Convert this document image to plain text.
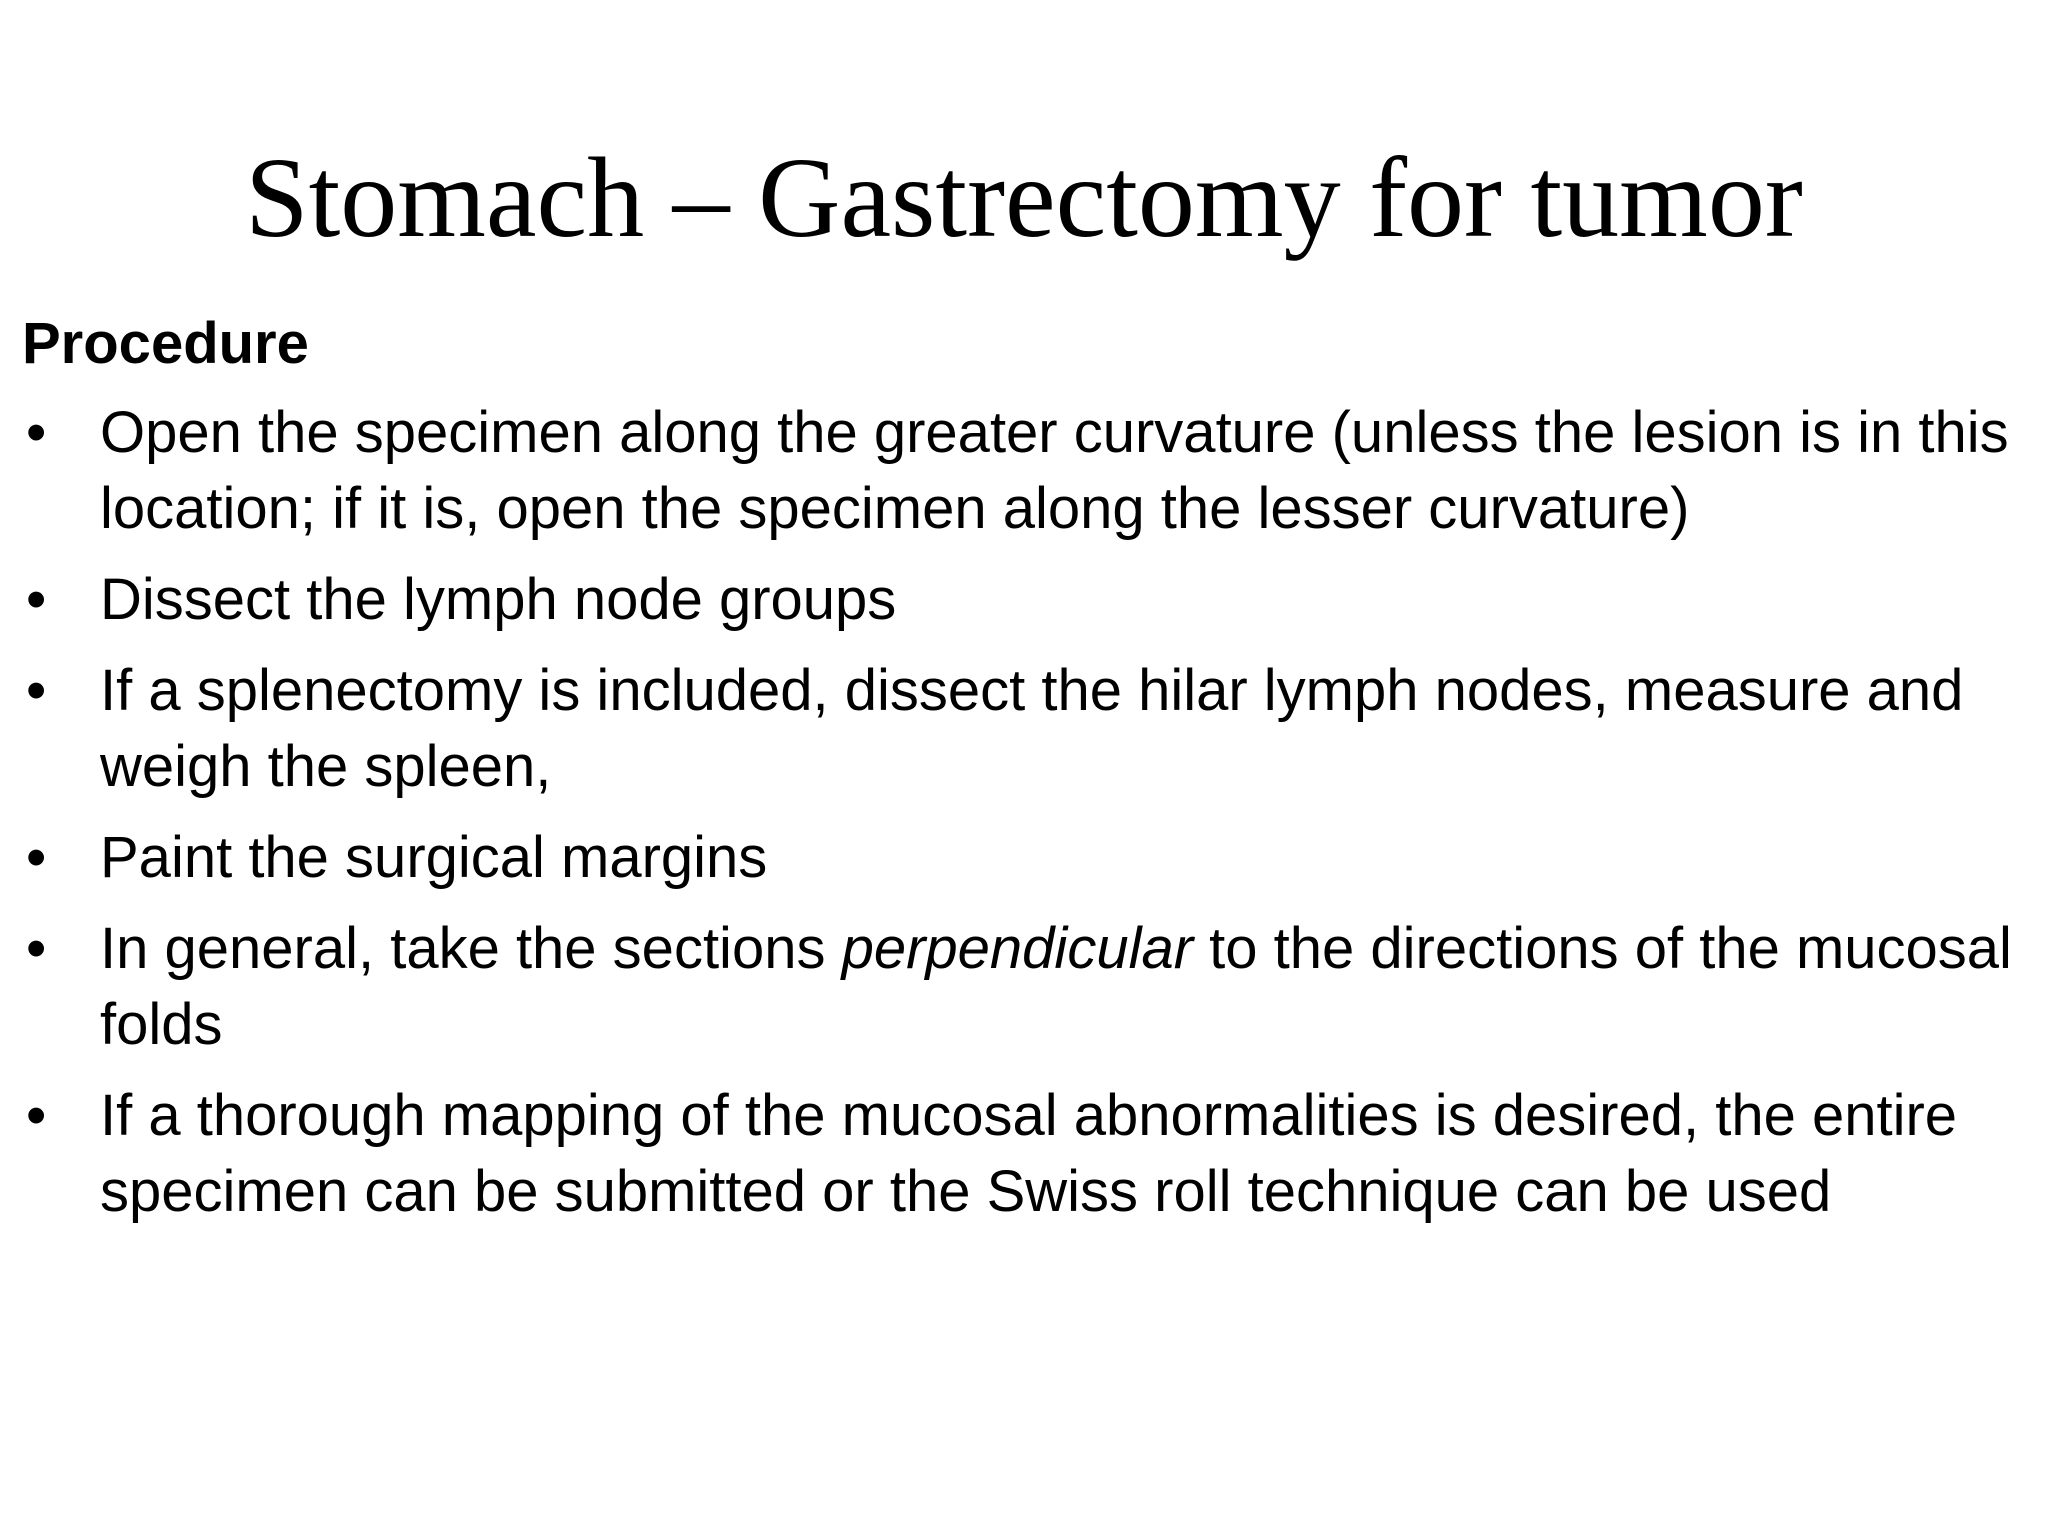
Stomach – Gastrectomy for tumor
Procedure
• Open the specimen along the greater curvature (unless the lesion is in this location; if it is, open the specimen along the lesser curvature)
• Dissect the lymph node groups
• If a splenectomy is included, dissect the hilar lymph nodes, measure and weigh the spleen,
• Paint the surgical margins
• In general, take the sections perpendicular to the directions of the mucosal folds
• If a thorough mapping of the mucosal abnormalities is desired, the entire specimen can be submitted or the Swiss roll technique can be used
